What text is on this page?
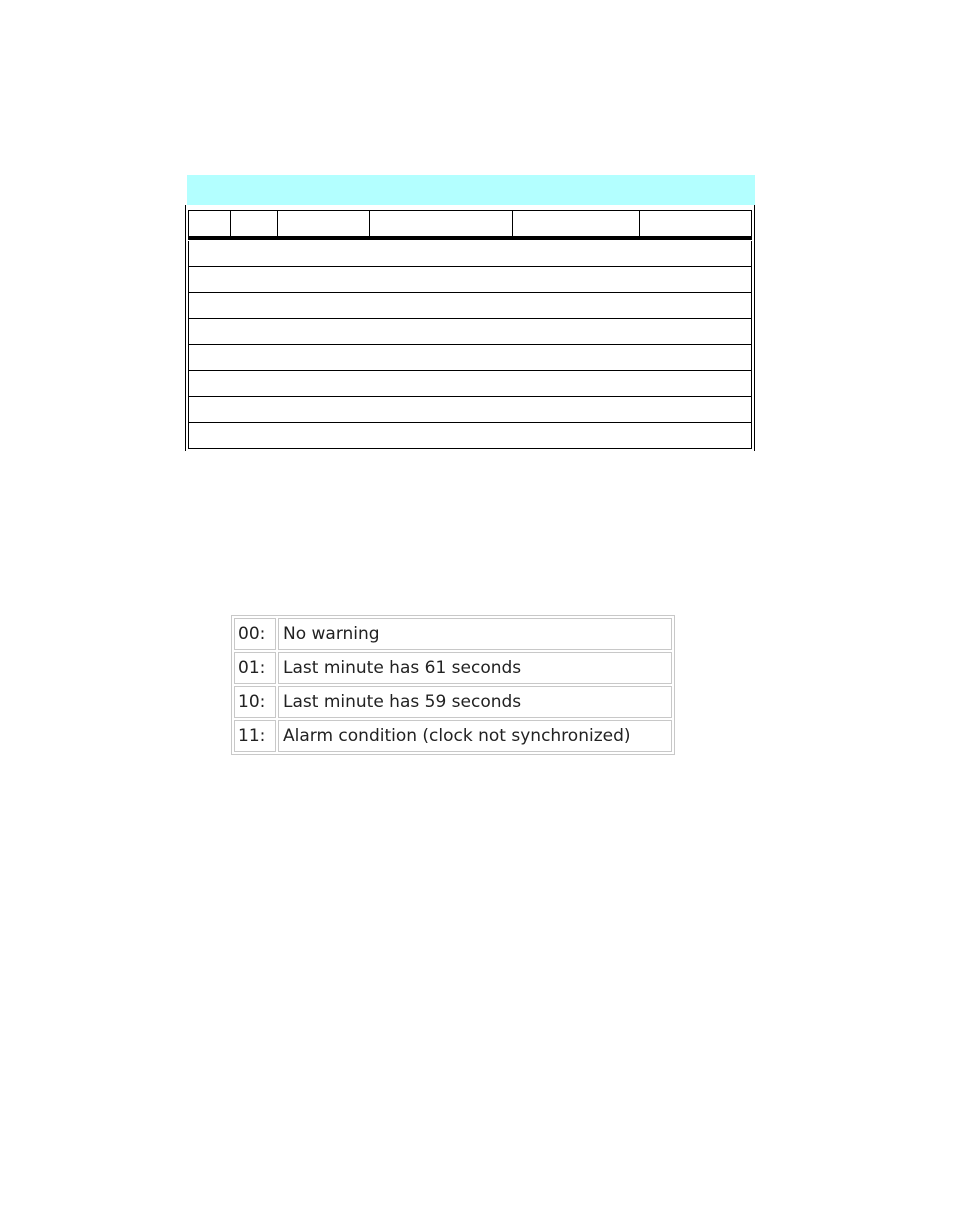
00:	No warning
01:	Last minute has 61 seconds
10:	Last minute has 59 seconds
11:	Alarm condition (clock not synchronized)
